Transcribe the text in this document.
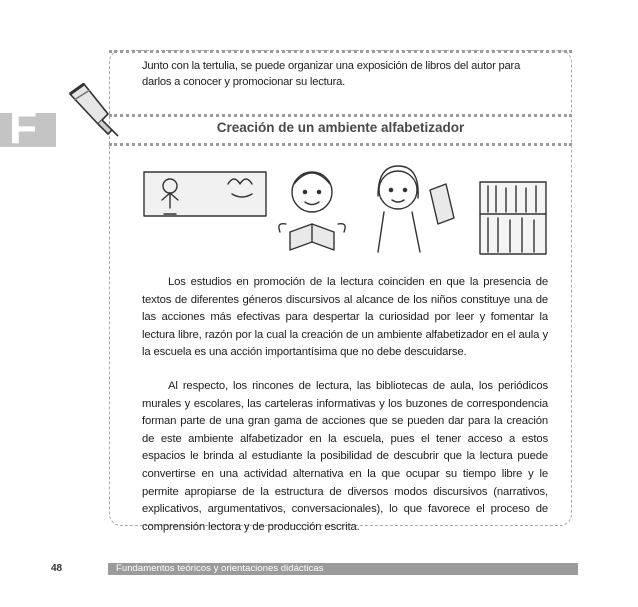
F
Junto con la tertulia, se puede organizar una exposición de libros del autor para darlos a conocer y promocionar su lectura.
Creación de un ambiente alfabetizador

Los estudios en promoción de la lectura coinciden en que la presencia de textos de diferentes géneros discursivos al alcance de los niños constituye una de las acciones más efectivas para despertar la curiosidad por leer y fomentar la lectura libre, razón por la cual la creación de un ambiente alfabetizador en el aula y la escuela es una acción importantísima que no debe descuidarse.

Al respecto, los rincones de lectura, las bibliotecas de aula, los periódicos murales y escolares, las carteleras informativas y los buzones de correspondencia forman parte de una gran gama de acciones que se pueden dar para la creación de este ambiente alfabetizador en la escuela, pues el tener acceso a estos espacios le brinda al estudiante la posibilidad de descubrir que la lectura puede convertirse en una actividad alternativa en la que ocupar su tiempo libre y le permite apropiarse de la estructura de diversos modos discursivos (narrativos, explicativos, argumentativos, conversacionales), lo que favorece el proceso de comprensión lectora y de producción escrita.

48	Fundamentos teóricos y orientaciones didácticas
